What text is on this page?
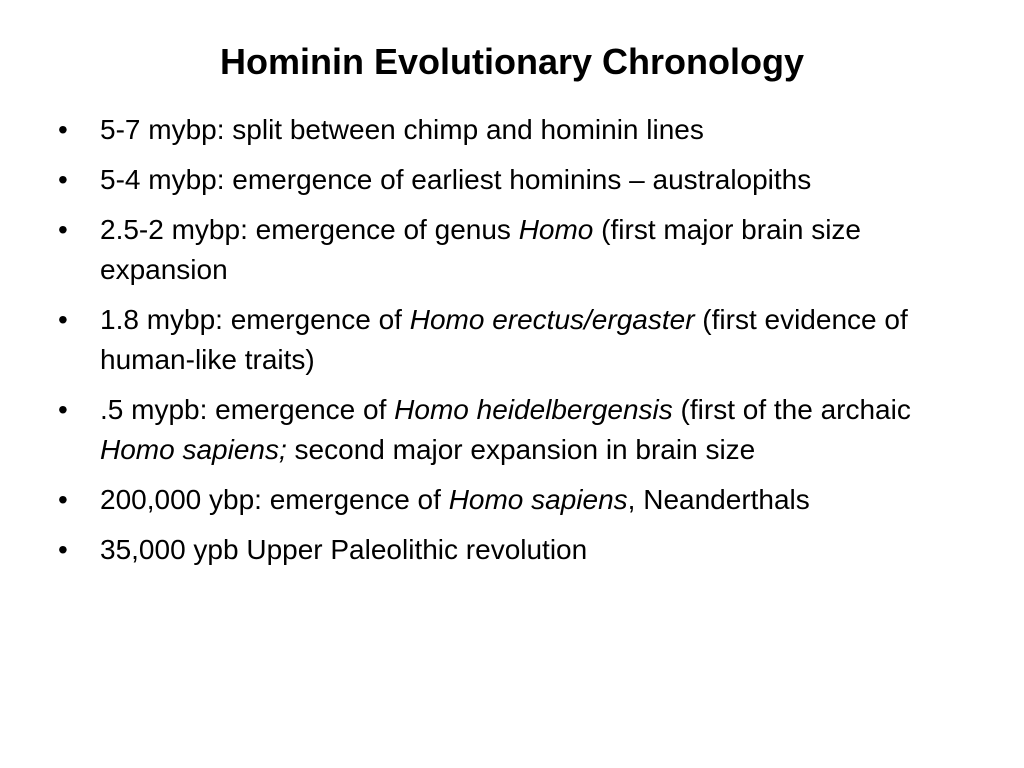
Hominin Evolutionary Chronology
•	5-7 mybp: split between chimp and hominin lines
•	5-4 mybp: emergence of earliest hominins – australopiths
•	2.5-2 mybp: emergence of genus Homo (first major brain size expansion
•	1.8 mybp: emergence of Homo erectus/ergaster (first evidence of human-like traits)
•	.5 mypb: emergence of Homo heidelbergensis (first of the archaic Homo sapiens; second major expansion in brain size
•	200,000 ybp: emergence of Homo sapiens, Neanderthals
•	35,000 ypb Upper Paleolithic revolution
